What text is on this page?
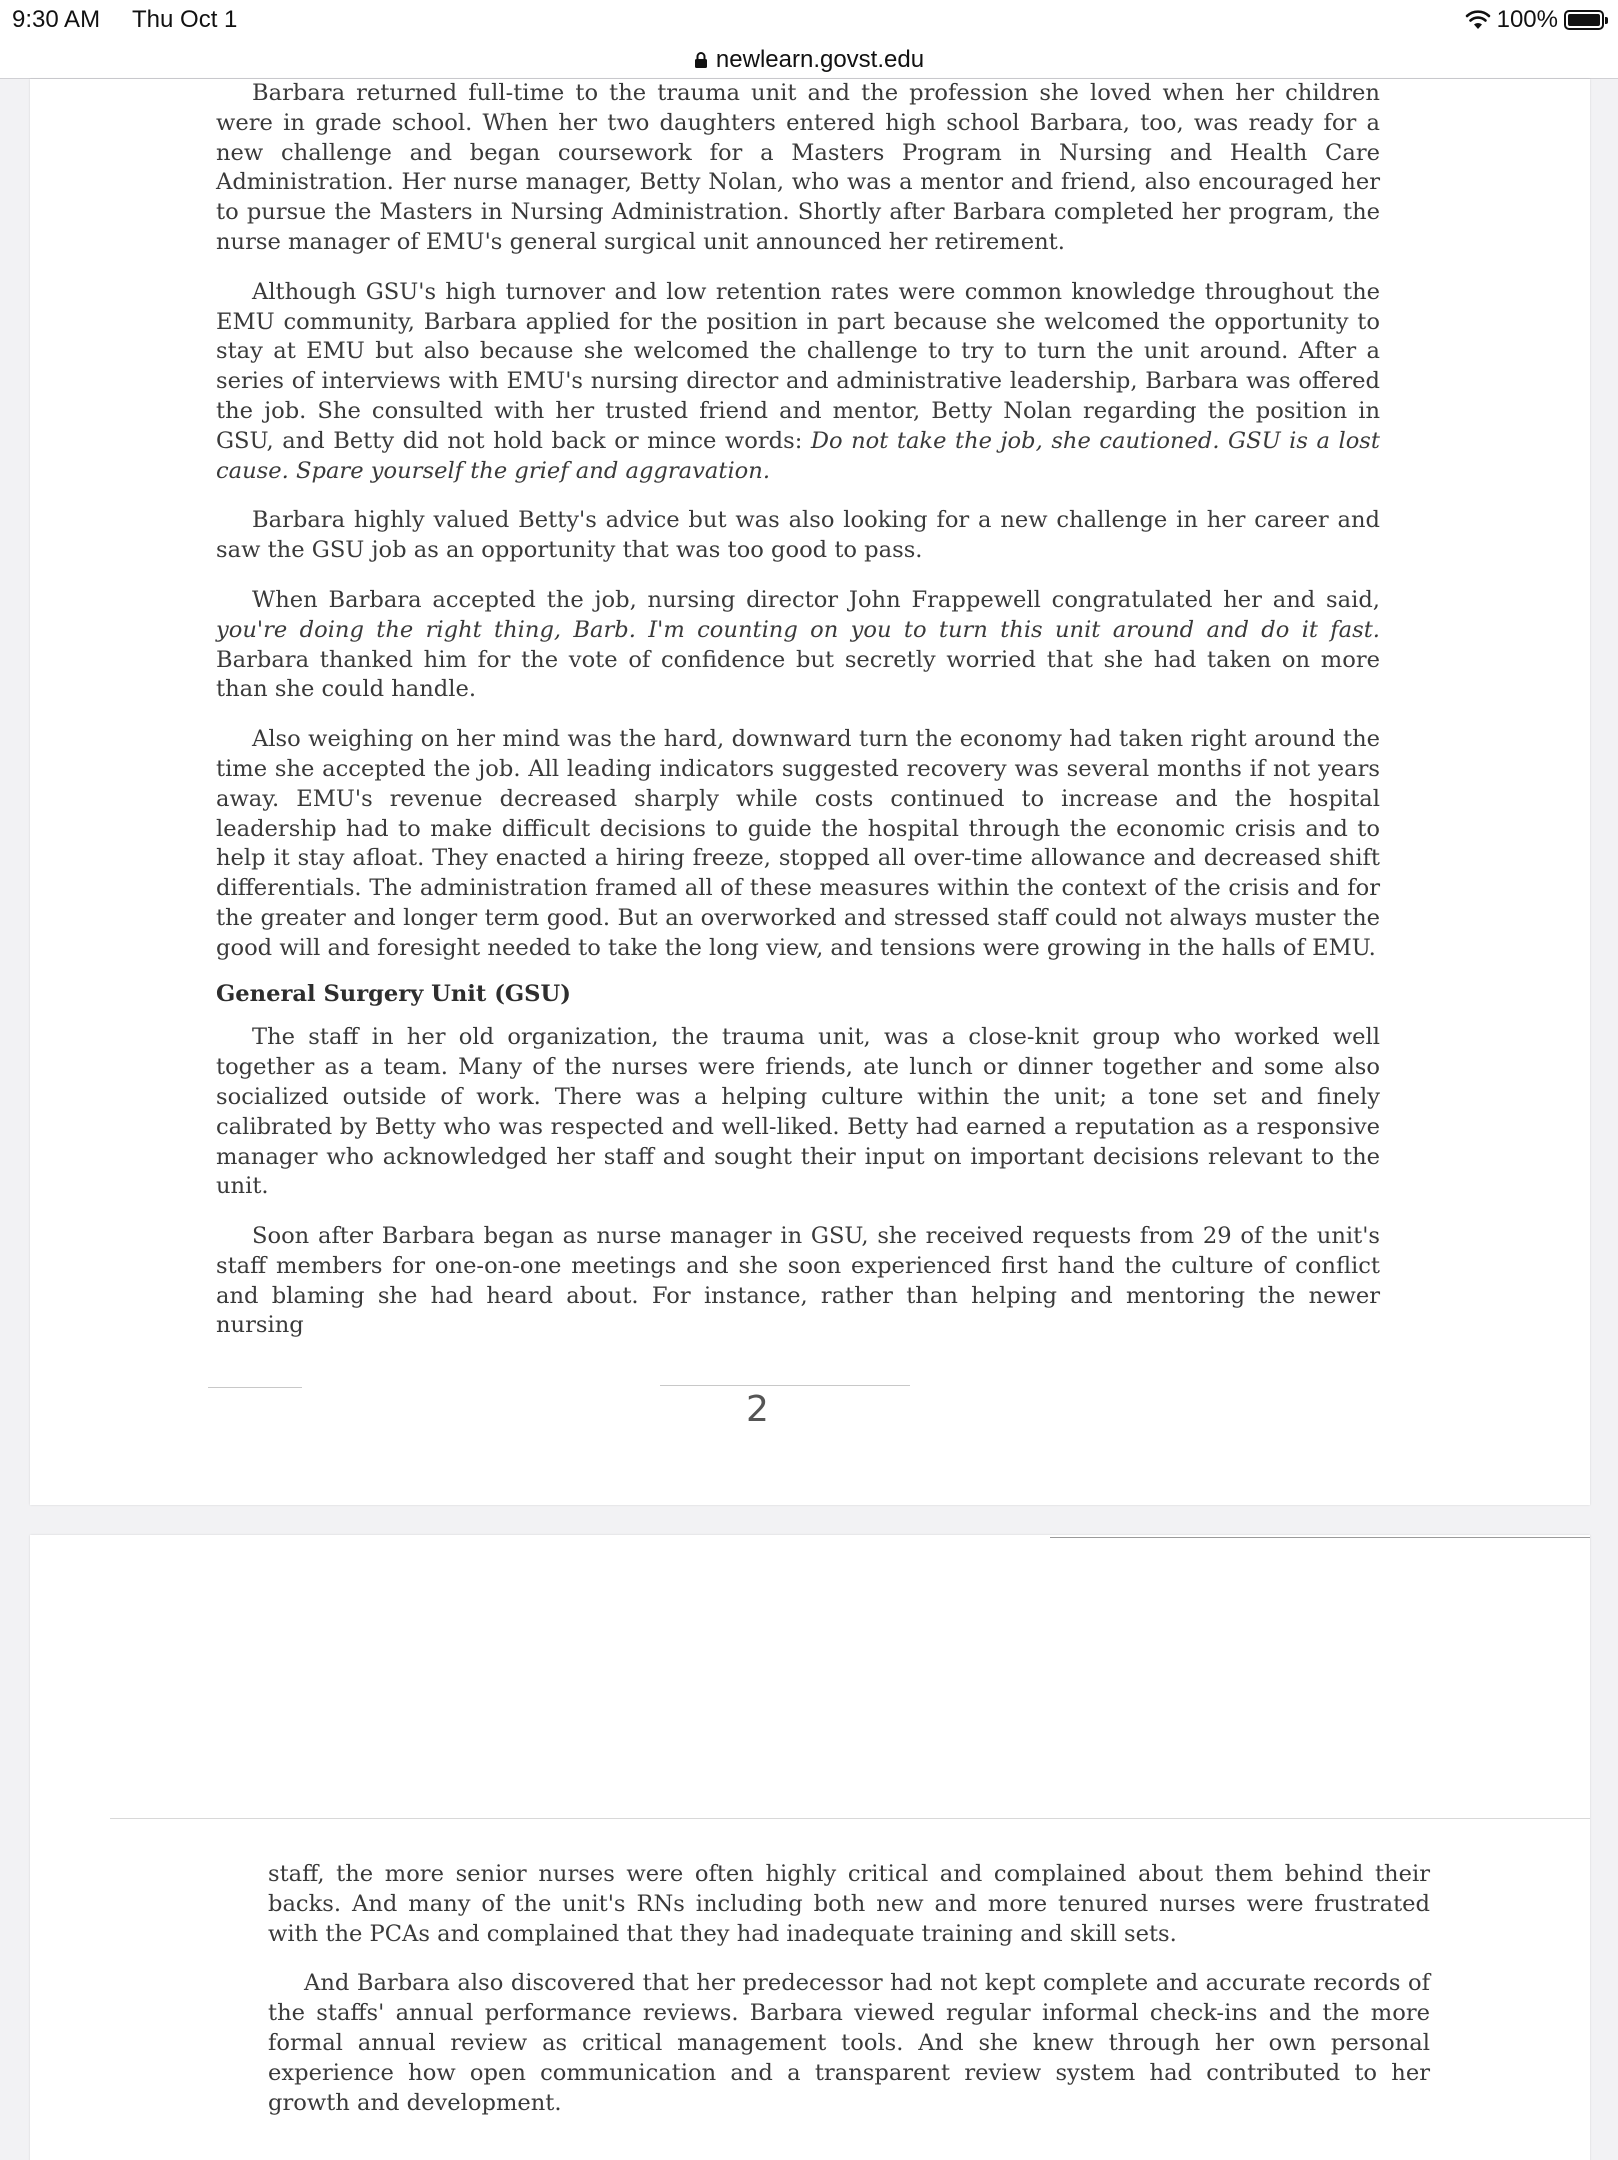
9:30 AM Thu Oct 1	100%
newlearn.govst.edu

Barbara returned full-time to the trauma unit and the profession she loved when her children were in grade school. When her two daughters entered high school Barbara, too, was ready for a new challenge and began coursework for a Masters Program in Nursing and Health Care Administration. Her nurse manager, Betty Nolan, who was a mentor and friend, also encouraged her to pursue the Masters in Nursing Administration. Shortly after Barbara completed her program, the nurse manager of EMU's general surgical unit announced her retirement.

Although GSU's high turnover and low retention rates were common knowledge throughout the EMU community, Barbara applied for the position in part because she welcomed the opportunity to stay at EMU but also because she welcomed the challenge to try to turn the unit around. After a series of interviews with EMU's nursing director and administrative leadership, Barbara was offered the job. She consulted with her trusted friend and mentor, Betty Nolan regarding the position in GSU, and Betty did not hold back or mince words: Do not take the job, she cautioned. GSU is a lost cause. Spare yourself the grief and aggravation.

Barbara highly valued Betty's advice but was also looking for a new challenge in her career and saw the GSU job as an opportunity that was too good to pass.

When Barbara accepted the job, nursing director John Frappewell congratulated her and said, you're doing the right thing, Barb. I'm counting on you to turn this unit around and do it fast. Barbara thanked him for the vote of confidence but secretly worried that she had taken on more than she could handle.

Also weighing on her mind was the hard, downward turn the economy had taken right around the time she accepted the job. All leading indicators suggested recovery was several months if not years away. EMU's revenue decreased sharply while costs continued to increase and the hospital leadership had to make difficult decisions to guide the hospital through the economic crisis and to help it stay afloat. They enacted a hiring freeze, stopped all over-time allowance and decreased shift differentials. The administration framed all of these measures within the context of the crisis and for the greater and longer term good. But an overworked and stressed staff could not always muster the good will and foresight needed to take the long view, and tensions were growing in the halls of EMU.

General Surgery Unit (GSU)

The staff in her old organization, the trauma unit, was a close-knit group who worked well together as a team. Many of the nurses were friends, ate lunch or dinner together and some also socialized outside of work. There was a helping culture within the unit; a tone set and finely calibrated by Betty who was respected and well-liked. Betty had earned a reputation as a responsive manager who acknowledged her staff and sought their input on important decisions relevant to the unit.

Soon after Barbara began as nurse manager in GSU, she received requests from 29 of the unit's staff members for one-on-one meetings and she soon experienced first hand the culture of conflict and blaming she had heard about. For instance, rather than helping and mentoring the newer nursing

2

staff, the more senior nurses were often highly critical and complained about them behind their backs. And many of the unit's RNs including both new and more tenured nurses were frustrated with the PCAs and complained that they had inadequate training and skill sets.

And Barbara also discovered that her predecessor had not kept complete and accurate records of the staffs' annual performance reviews. Barbara viewed regular informal check-ins and the more formal annual review as critical management tools. And she knew through her own personal experience how open communication and a transparent review system had contributed to her growth and development.
